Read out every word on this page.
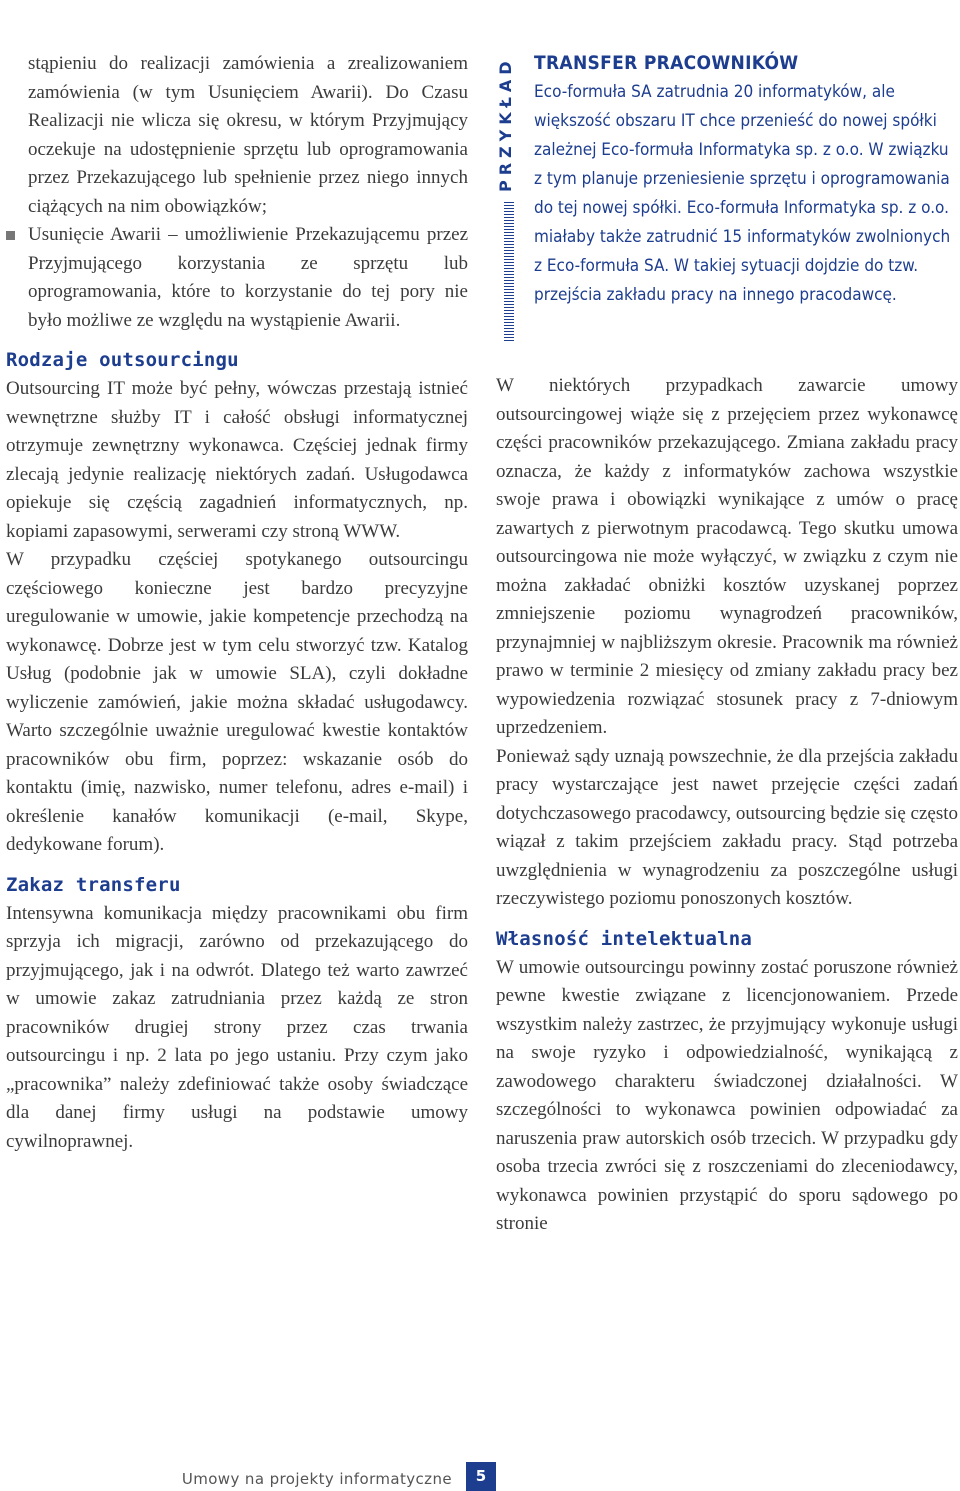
stąpieniu do realizacji zamówienia a zrealizowaniem zamówienia (w tym Usunięciem Awarii). Do Czasu Realizacji nie wlicza się okresu, w którym Przyjmujący oczekuje na udostępnienie sprzętu lub oprogramowania przez Przekazującego lub spełnienie przez niego innych ciążących na nim obowiązków;

Usunięcie Awarii – umożliwienie Przekazującemu przez Przyjmującego korzystania ze sprzętu lub oprogramowania, które to korzystanie do tej pory nie było możliwe ze względu na wystąpienie Awarii.

Rodzaje outsourcingu

Outsourcing IT może być pełny, wówczas przestają istnieć wewnętrzne służby IT i całość obsługi informatycznej otrzymuje zewnętrzny wykonawca. Częściej jednak firmy zlecają jedynie realizację niektórych zadań. Usługodawca opiekuje się częścią zagadnień informatycznych, np. kopiami zapasowymi, serwerami czy stroną WWW.

W przypadku częściej spotykanego outsourcingu częściowego konieczne jest bardzo precyzyjne uregulowanie w umowie, jakie kompetencje przechodzą na wykonawcę. Dobrze jest w tym celu stworzyć tzw. Katalog Usług (podobnie jak w umowie SLA), czyli dokładne wyliczenie zamówień, jakie można składać usługodawcy. Warto szczególnie uważnie uregulować kwestie kontaktów pracowników obu firm, poprzez: wskazanie osób do kontaktu (imię, nazwisko, numer telefonu, adres e-mail) i określenie kanałów komunikacji (e-mail, Skype, dedykowane forum).

Zakaz transferu

Intensywna komunikacja między pracownikami obu firm sprzyja ich migracji, zarówno od przekazującego do przyjmującego, jak i na odwrót. Dlatego też warto zawrzeć w umowie zakaz zatrudniania przez każdą ze stron pracowników drugiej strony przez czas trwania outsourcingu i np. 2 lata po jego ustaniu. Przy czym jako „pracownika” należy zdefiniować także osoby świadczące dla danej firmy usługi na podstawie umowy cywilnoprawnej.

PRZYKŁAD	TRANSFER PRACOWNIKÓW

Eco-formuła SA zatrudnia 20 informatyków, ale większość obszaru IT chce przenieść do nowej spółki zależnej Eco-formuła Informatyka sp. z o.o. W związku z tym planuje przeniesienie sprzętu i oprogramowania do tej nowej spółki. Eco-formuła Informatyka sp. z o.o. miałaby także zatrudnić 15 informatyków zwolnionych z Eco-formuła SA. W takiej sytuacji dojdzie do tzw. przejścia zakładu pracy na innego pracodawcę.

W niektórych przypadkach zawarcie umowy outsourcingowej wiąże się z przejęciem przez wykonawcę części pracowników przekazującego. Zmiana zakładu pracy oznacza, że każdy z informatyków zachowa wszystkie swoje prawa i obowiązki wynikające z umów o pracę zawartych z pierwotnym pracodawcą. Tego skutku umowa outsourcingowa nie może wyłączyć, w związku z czym nie można zakładać obniżki kosztów uzyskanej poprzez zmniejszenie poziomu wynagrodzeń pracowników, przynajmniej w najbliższym okresie. Pracownik ma również prawo w terminie 2 miesięcy od zmiany zakładu pracy bez wypowiedzenia rozwiązać stosunek pracy z 7-dniowym uprzedzeniem.

Ponieważ sądy uznają powszechnie, że dla przejścia zakładu pracy wystarczające jest nawet przejęcie części zadań dotychczasowego pracodawcy, outsourcing będzie się często wiązał z takim przejściem zakładu pracy. Stąd potrzeba uwzględnienia w wynagrodzeniu za poszczególne usługi rzeczywistego poziomu ponoszonych kosztów.

Własność intelektualna

W umowie outsourcingu powinny zostać poruszone również pewne kwestie związane z licencjonowaniem. Przede wszystkim należy zastrzec, że przyjmujący wykonuje usługi na swoje ryzyko i odpowiedzialność, wynikającą z zawodowego charakteru świadczonej działalności. W szczególności to wykonawca powinien odpowiadać za naruszenia praw autorskich osób trzecich. W przypadku gdy osoba trzecia zwróci się z roszczeniami do zleceniodawcy, wykonawca powinien przystąpić do sporu sądowego po stronie

Umowy na projekty informatyczne	5
